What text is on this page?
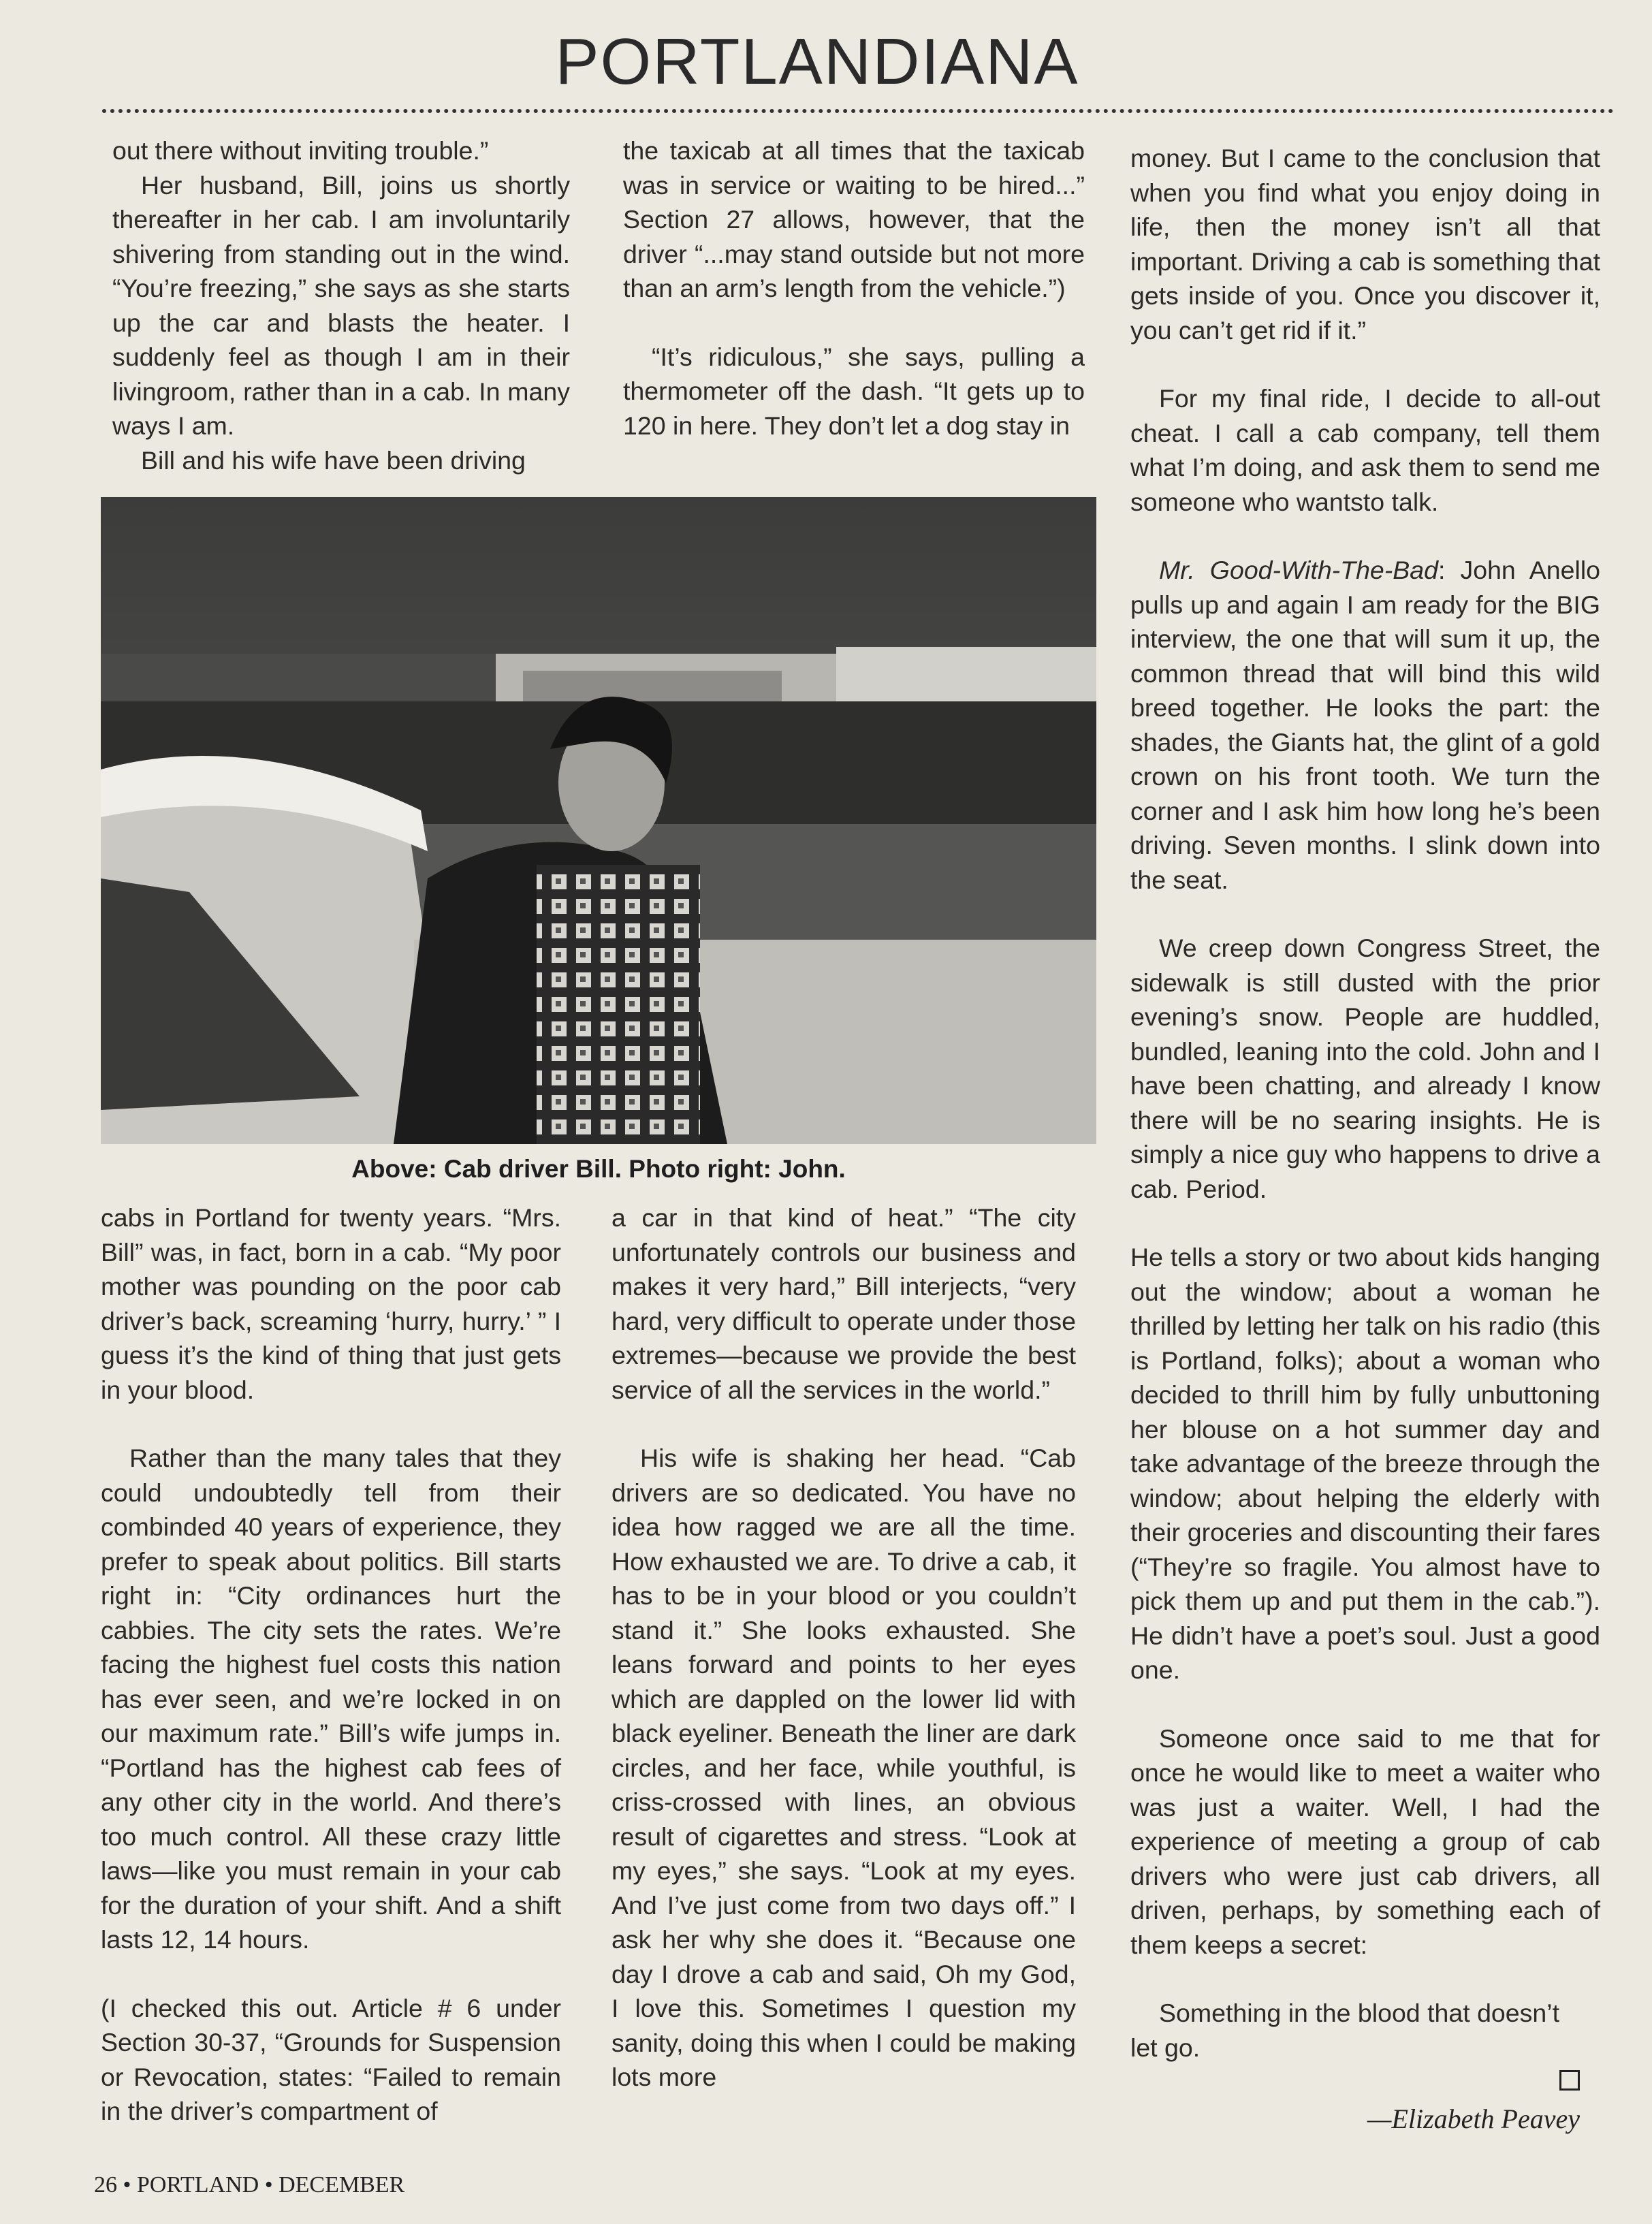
PORTLANDIANA

out there without inviting trouble.”

Her husband, Bill, joins us shortly thereafter in her cab. I am involuntarily shivering from standing out in the wind. “You’re freezing,” she says as she starts up the car and blasts the heater. I suddenly feel as though I am in their livingroom, rather than in a cab. In many ways I am.

Bill and his wife have been driving

the taxicab at all times that the taxicab was in service or waiting to be hired...” Section 27 allows, however, that the driver “...may stand outside but not more than an arm’s length from the vehicle.”)

“It’s ridiculous,” she says, pulling a thermometer off the dash. “It gets up to 120 in here. They don’t let a dog stay in

Above: Cab driver Bill. Photo right: John.

cabs in Portland for twenty years. “Mrs. Bill” was, in fact, born in a cab. “My poor mother was pounding on the poor cab driver’s back, screaming ‘hurry, hurry.’ ” I guess it’s the kind of thing that just gets in your blood.

Rather than the many tales that they could undoubtedly tell from their combinded 40 years of experience, they prefer to speak about politics. Bill starts right in: “City ordinances hurt the cabbies. The city sets the rates. We’re facing the highest fuel costs this nation has ever seen, and we’re locked in on our maximum rate.” Bill’s wife jumps in. “Portland has the highest cab fees of any other city in the world. And there’s too much control. All these crazy little laws—like you must remain in your cab for the duration of your shift. And a shift lasts 12, 14 hours.

(I checked this out. Article # 6 under Section 30-37, “Grounds for Suspension or Revocation, states: “Failed to remain in the driver’s compartment of

a car in that kind of heat.” “The city unfortunately controls our business and makes it very hard,” Bill interjects, “very hard, very difficult to operate under those extremes—because we provide the best service of all the services in the world.”

His wife is shaking her head. “Cab drivers are so dedicated. You have no idea how ragged we are all the time. How exhausted we are. To drive a cab, it has to be in your blood or you couldn’t stand it.” She looks exhausted. She leans forward and points to her eyes which are dappled on the lower lid with black eyeliner. Beneath the liner are dark circles, and her face, while youthful, is criss-crossed with lines, an obvious result of cigarettes and stress. “Look at my eyes,” she says. “Look at my eyes. And I’ve just come from two days off.” I ask her why she does it. “Because one day I drove a cab and said, Oh my God, I love this. Sometimes I question my sanity, doing this when I could be making lots more

money. But I came to the conclusion that when you find what you enjoy doing in life, then the money isn’t all that important. Driving a cab is something that gets inside of you. Once you discover it, you can’t get rid if it.”

For my final ride, I decide to all-out cheat. I call a cab company, tell them what I’m doing, and ask them to send me someone who wantsto talk.

Mr. Good-With-The-Bad: John Anello pulls up and again I am ready for the BIG interview, the one that will sum it up, the common thread that will bind this wild breed together. He looks the part: the shades, the Giants hat, the glint of a gold crown on his front tooth. We turn the corner and I ask him how long he’s been driving. Seven months. I slink down into the seat.

We creep down Congress Street, the sidewalk is still dusted with the prior evening’s snow. People are huddled, bundled, leaning into the cold. John and I have been chatting, and already I know there will be no searing insights. He is simply a nice guy who happens to drive a cab. Period.

He tells a story or two about kids hanging out the window; about a woman he thrilled by letting her talk on his radio (this is Portland, folks); about a woman who decided to thrill him by fully unbuttoning her blouse on a hot summer day and take advantage of the breeze through the window; about helping the elderly with their groceries and discounting their fares (“They’re so fragile. You almost have to pick them up and put them in the cab.”). He didn’t have a poet’s soul. Just a good one.

Someone once said to me that for once he would like to meet a waiter who was just a waiter. Well, I had the experience of meeting a group of cab drivers who were just cab drivers, all driven, perhaps, by something each of them keeps a secret:

Something in the blood that doesn’t let go.

—Elizabeth Peavey
26 • PORTLAND • DECEMBER
